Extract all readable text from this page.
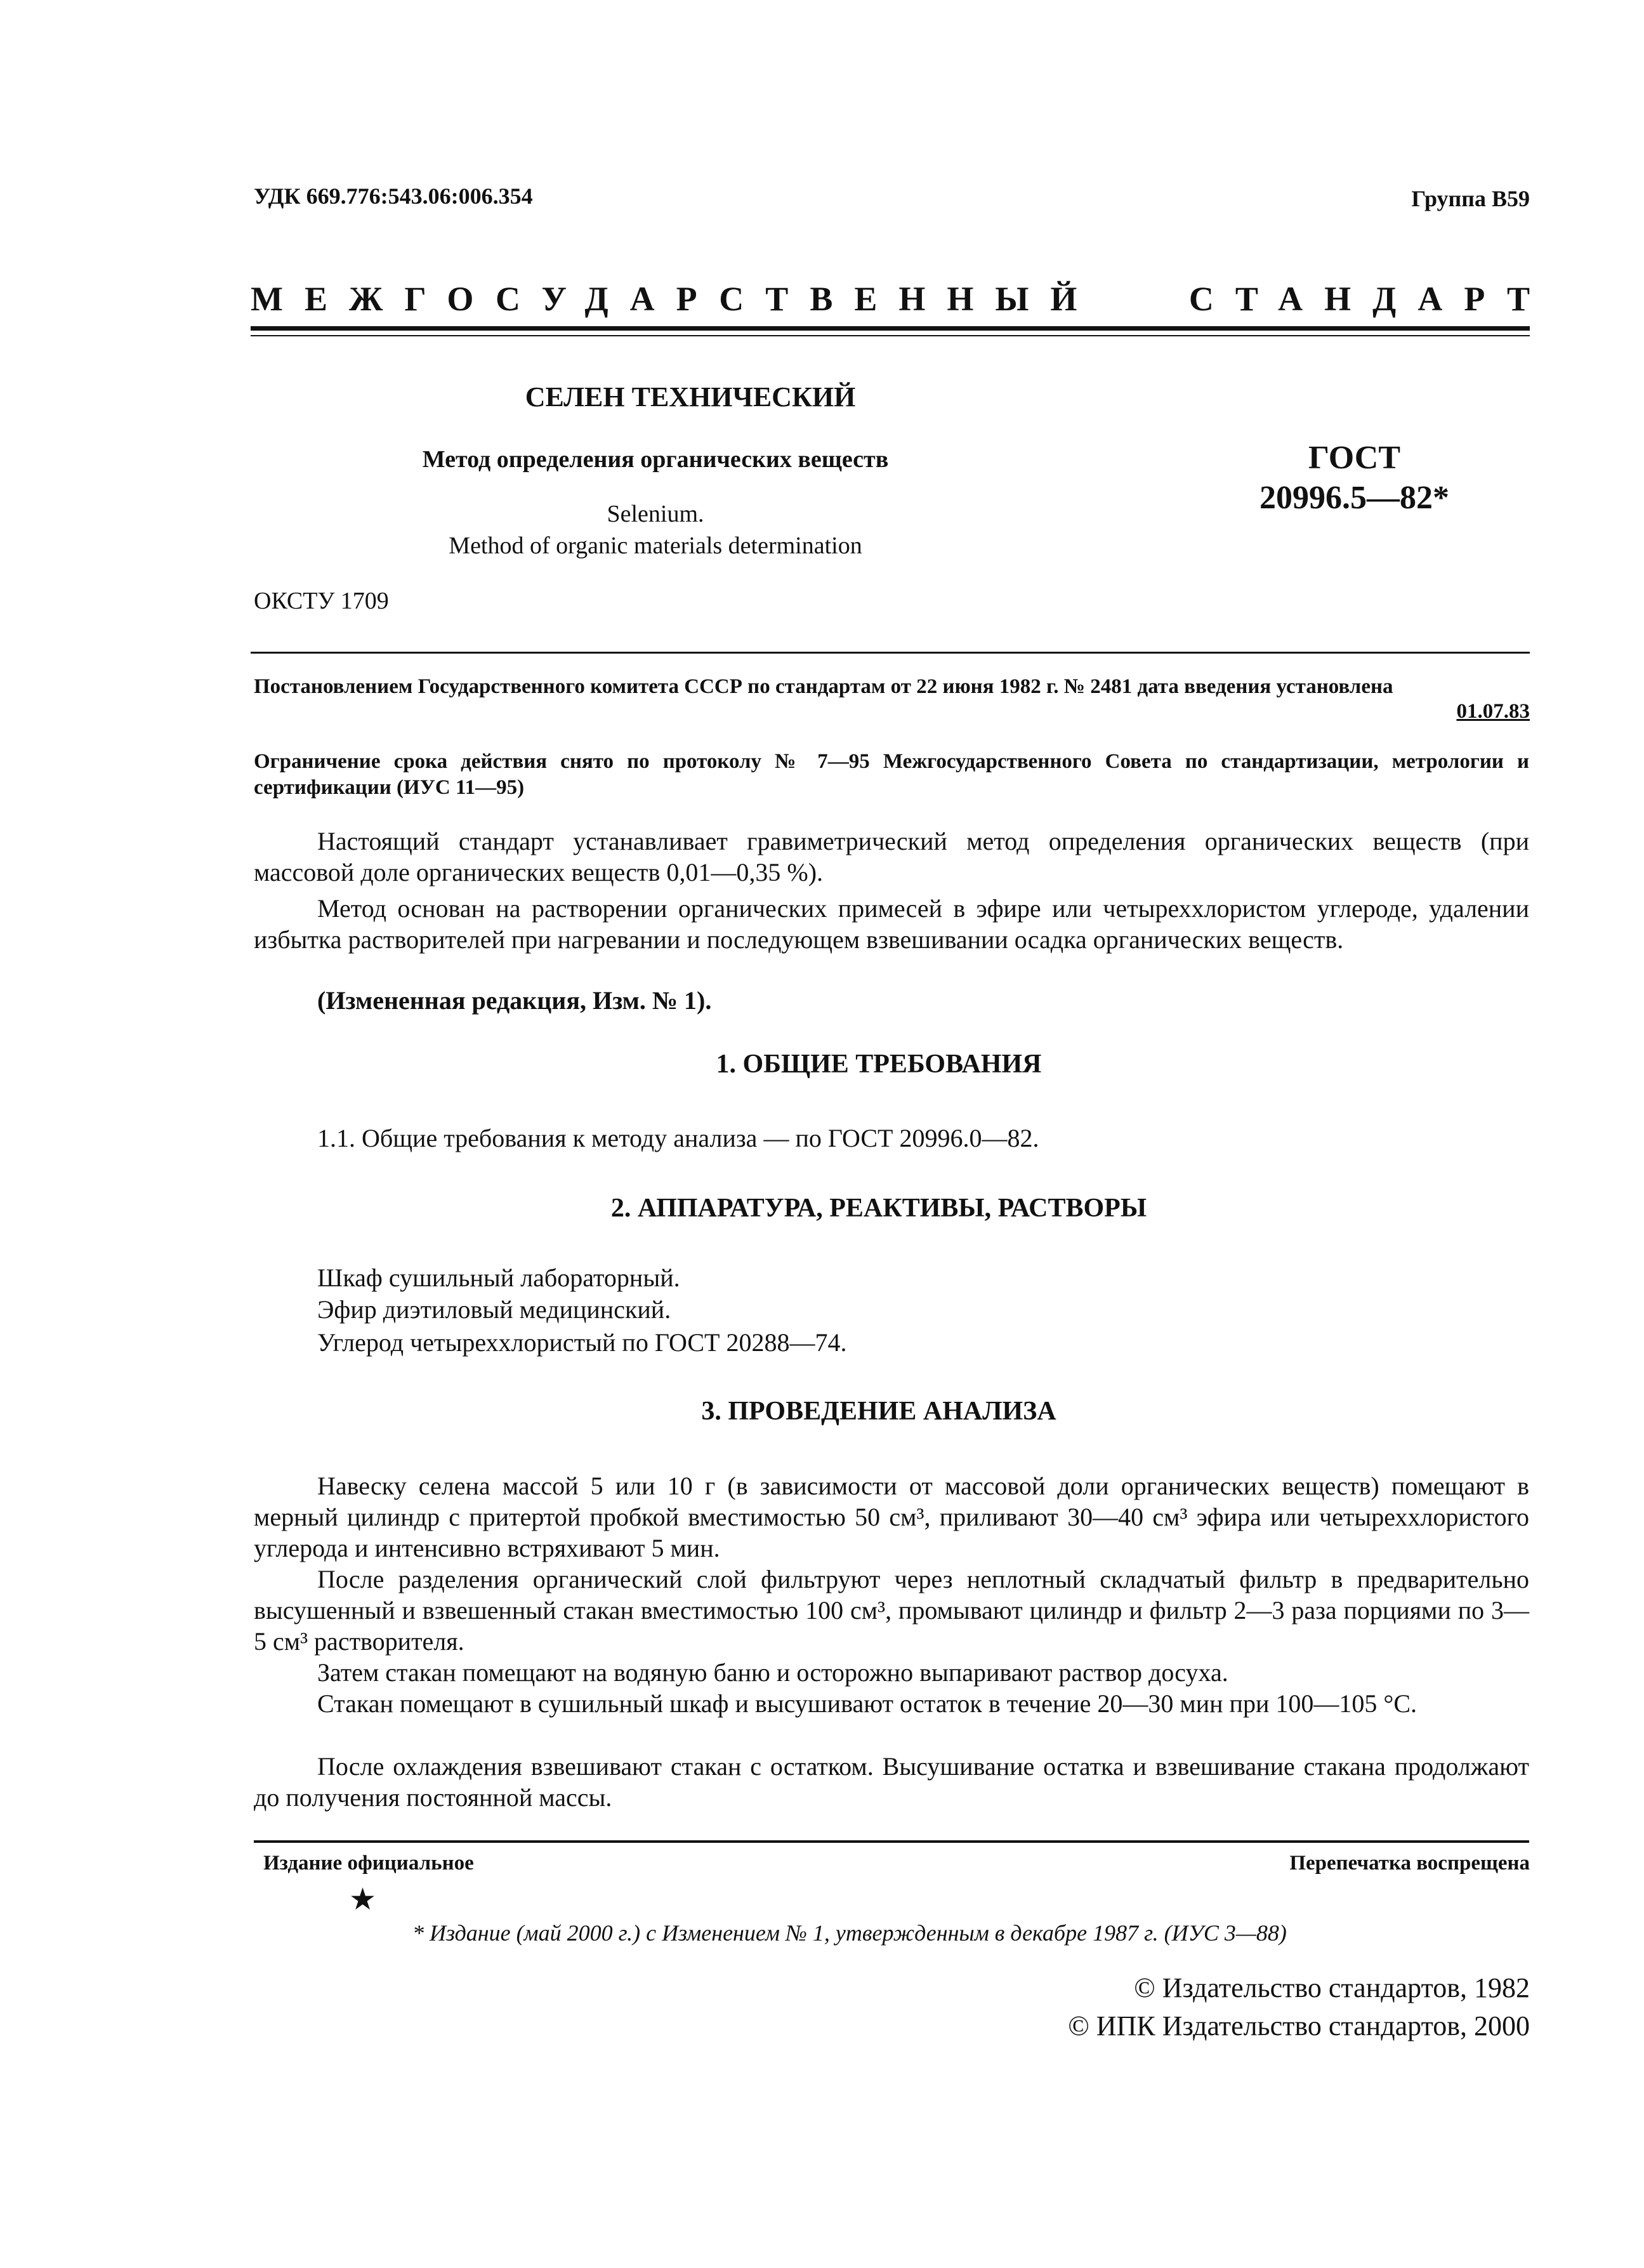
УДК 669.776:543.06:006.354	Группа В59
МЕЖГОСУДАРСТВЕННЫЙ	СТАНДАРТ
СЕЛЕН ТЕХНИЧЕСКИЙ
Метод определения органических веществ
Selenium.
Method of organic materials determination
ГОСТ
20996.5—82*
ОКСТУ 1709
Постановлением Государственного комитета СССР по стандартам от 22 июня 1982 г. № 2481 дата введения установлена
01.07.83
Ограничение срока действия снято по протоколу № 7—95 Межгосударственного Совета по стандартизации, метрологии и сертификации (ИУС 11—95)
Настоящий стандарт устанавливает гравиметрический метод определения органических веществ (при массовой доле органических веществ 0,01—0,35 %).
Метод основан на растворении органических примесей в эфире или четыреххлористом углероде, удалении избытка растворителей при нагревании и последующем взвешивании осадка органических веществ.
(Измененная редакция, Изм. № 1).
1. ОБЩИЕ ТРЕБОВАНИЯ
1.1. Общие требования к методу анализа — по ГОСТ 20996.0—82.
2. АППАРАТУРА, РЕАКТИВЫ, РАСТВОРЫ
Шкаф сушильный лабораторный.
Эфир диэтиловый медицинский.
Углерод четыреххлористый по ГОСТ 20288—74.
3. ПРОВЕДЕНИЕ АНАЛИЗА
Навеску селена массой 5 или 10 г (в зависимости от массовой доли органических веществ) помещают в мерный цилиндр с притертой пробкой вместимостью 50 см³, приливают 30—40 см³ эфира или четыреххлористого углерода и интенсивно встряхивают 5 мин.
После разделения органический слой фильтруют через неплотный складчатый фильтр в предварительно высушенный и взвешенный стакан вместимостью 100 см³, промывают цилиндр и фильтр 2—3 раза порциями по 3—5 см³ растворителя.
Затем стакан помещают на водяную баню и осторожно выпаривают раствор досуха.
Стакан помещают в сушильный шкаф и высушивают остаток в течение 20—30 мин при 100—105 °С.
После охлаждения взвешивают стакан с остатком. Высушивание остатка и взвешивание стакана продолжают до получения постоянной массы.
Издание официальное	Перепечатка воспрещена
★
* Издание (май 2000 г.) с Изменением № 1, утвержденным в декабре 1987 г. (ИУС 3—88)
© Издательство стандартов, 1982
© ИПК Издательство стандартов, 2000
